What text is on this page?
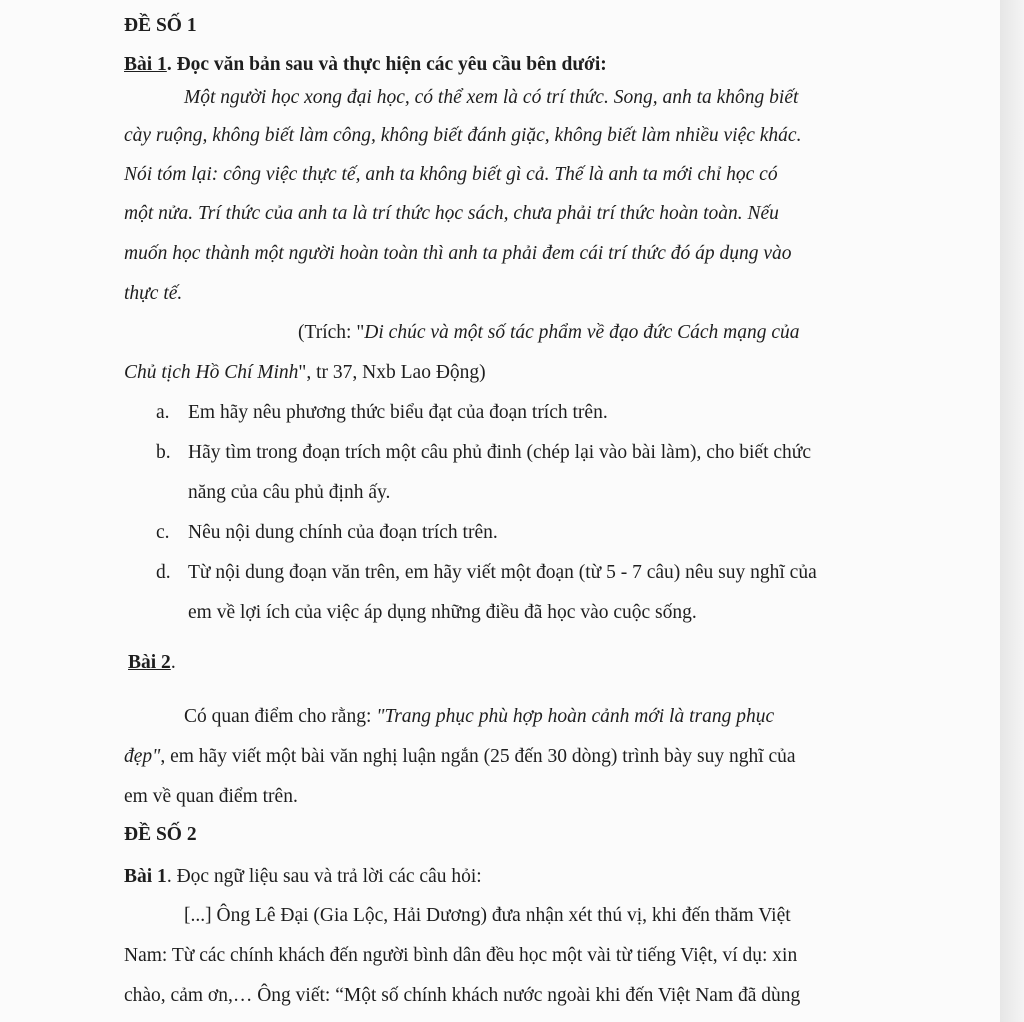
ĐỀ SỐ 1
Bài 1. Đọc văn bản sau và thực hiện các yêu cầu bên dưới:
Một người học xong đại học, có thể xem là có trí thức. Song, anh ta không biết
cày ruộng, không biết làm công, không biết đánh giặc, không biết làm nhiều việc khác.
Nói tóm lại: công việc thực tế, anh ta không biết gì cả. Thế là anh ta mới chỉ học có
một nửa. Trí thức của anh ta là trí thức học sách, chưa phải trí thức hoàn toàn. Nếu
muốn học thành một người hoàn toàn thì anh ta phải đem cái trí thức đó áp dụng vào
thực tế.
(Trích: "Di chúc và một số tác phẩm về đạo đức Cách mạng của
Chủ tịch Hồ Chí Minh", tr 37, Nxb Lao Động)
a. Em hãy nêu phương thức biểu đạt của đoạn trích trên.
b. Hãy tìm trong đoạn trích một câu phủ đinh (chép lại vào bài làm), cho biết chức
năng của câu phủ định ấy.
c. Nêu nội dung chính của đoạn trích trên.
d. Từ nội dung đoạn văn trên, em hãy viết một đoạn (từ 5 - 7 câu) nêu suy nghĩ của
em về lợi ích của việc áp dụng những điều đã học vào cuộc sống.
Bài 2.
Có quan điểm cho rằng: "Trang phục phù hợp hoàn cảnh mới là trang phục
đẹp", em hãy viết một bài văn nghị luận ngắn (25 đến 30 dòng) trình bày suy nghĩ của
em về quan điểm trên.
ĐỀ SỐ 2
Bài 1. Đọc ngữ liệu sau và trả lời các câu hỏi:
[...] Ông Lê Đại (Gia Lộc, Hải Dương) đưa nhận xét thú vị, khi đến thăm Việt
Nam: Từ các chính khách đến người bình dân đều học một vài từ tiếng Việt, ví dụ: xin
chào, cảm ơn,… Ông viết: “Một số chính khách nước ngoài khi đến Việt Nam đã dùng
